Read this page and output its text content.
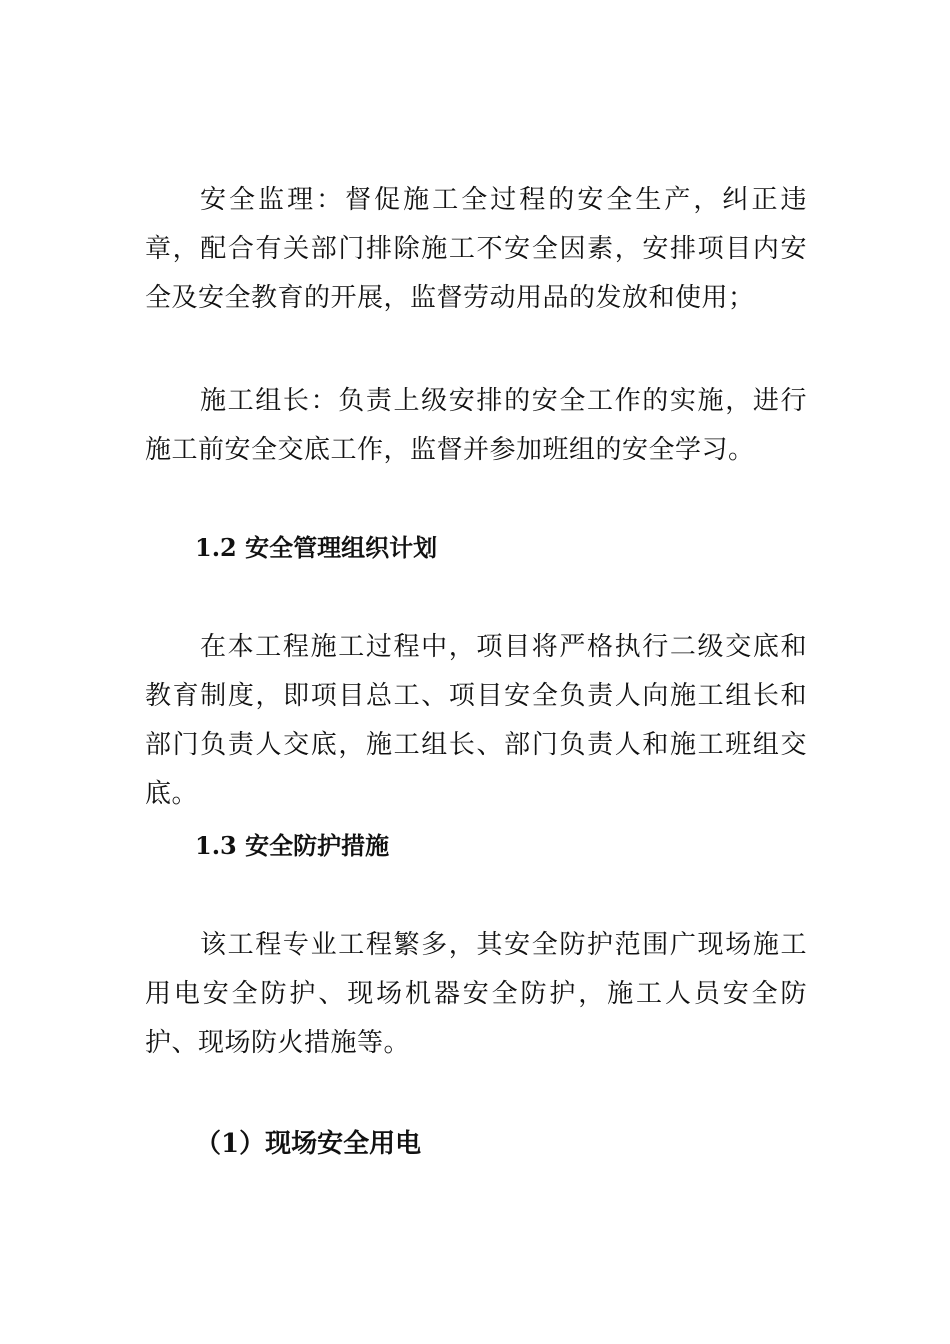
安全监理：督促施工全过程的安全生产，纠正违章，配合有关部门排除施工不安全因素，安排项目内安全及安全教育的开展，监督劳动用品的发放和使用；

施工组长：负责上级安排的安全工作的实施，进行施工前安全交底工作，监督并参加班组的安全学习。

1.2 安全管理组织计划

在本工程施工过程中，项目将严格执行二级交底和教育制度，即项目总工、项目安全负责人向施工组长和部门负责人交底，施工组长、部门负责人和施工班组交底。

1.3 安全防护措施

该工程专业工程繁多，其安全防护范围广现场施工用电安全防护、现场机器安全防护，施工人员安全防护、现场防火措施等。

（1）现场安全用电
